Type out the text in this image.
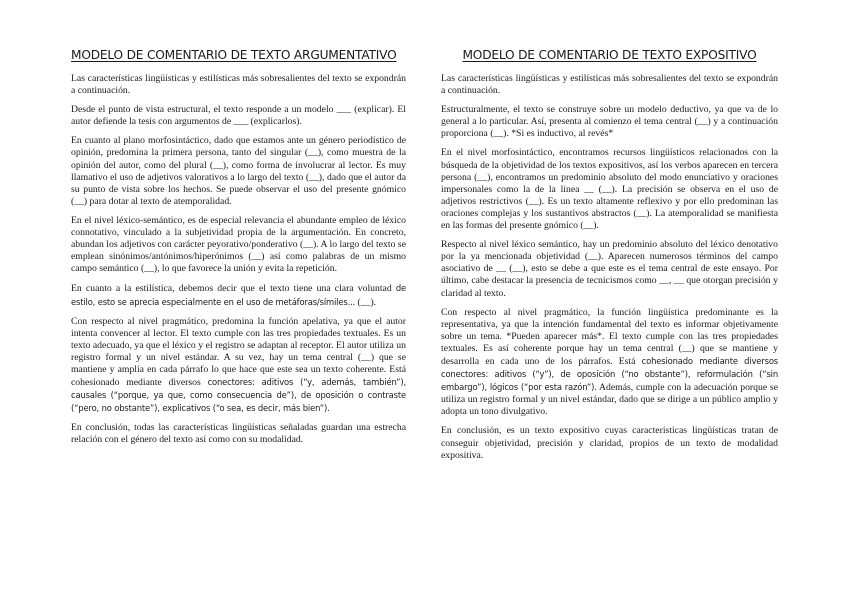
MODELO DE COMENTARIO DE TEXTO ARGUMENTATIVO

Las características lingüísticas y estilísticas más sobresalientes del texto se expondrán a continuación.

Desde el punto de vista estructural, el texto responde a un modelo ___ (explicar). El autor defiende la tesis con argumentos de ___ (explicarlos).

En cuanto al plano morfosintáctico, dado que estamos ante un género periodístico de opinión, predomina la primera persona, tanto del singular (__), como muestra de la opinión del autor, como del plural (__), como forma de involucrar al lector. Es muy llamativo el uso de adjetivos valorativos a lo largo del texto (__), dado que el autor da su punto de vista sobre los hechos. Se puede observar el uso del presente gnómico (__) para dotar al texto de atemporalidad.

En el nivel léxico-semántico, es de especial relevancia el abundante empleo de léxico connotativo, vinculado a la subjetividad propia de la argumentación. En concreto, abundan los adjetivos con carácter peyorativo/ponderativo (__). A lo largo del texto se emplean sinónimos/antónimos/hiperónimos (__) así como palabras de un mismo campo semántico (__), lo que favorece la unión y evita la repetición.

En cuanto a la estilística, debemos decir que el texto tiene una clara voluntad de estilo, esto se aprecia especialmente en el uso de metáforas/símiles... (__).

Con respecto al nivel pragmático, predomina la función apelativa, ya que el autor intenta convencer al lector. El texto cumple con las tres propiedades textuales. Es un texto adecuado, ya que el léxico y el registro se adaptan al receptor. El autor utiliza un registro formal y un nivel estándar. A su vez, hay un tema central (__) que se mantiene y amplía en cada párrafo lo que hace que este sea un texto coherente. Está cohesionado mediante diversos conectores: aditivos (“y, además, también”), causales (“porque, ya que, como consecuencia de”), de oposición o contraste (“pero, no obstante”), explicativos (“o sea, es decir, más bien”).

En conclusión, todas las características lingüísticas señaladas guardan una estrecha relación con el género del texto así como con su modalidad.

MODELO DE COMENTARIO DE TEXTO EXPOSITIVO

Las características lingüísticas y estilísticas más sobresalientes del texto se expondrán a continuación.

Estructuralmente, el texto se construye sobre un modelo deductivo, ya que va de lo general a lo particular. Así, presenta al comienzo el tema central (__) y a continuación proporciona (__). *Si es inductivo, al revés*

En el nivel morfosintáctico, encontramos recursos lingüísticos relacionados con la búsqueda de la objetividad de los textos expositivos, así los verbos aparecen en tercera persona (__), encontramos un predominio absoluto del modo enunciativo y oraciones impersonales como la de la línea __ (__). La precisión se observa en el uso de adjetivos restrictivos (__). Es un texto altamente reflexivo y por ello predominan las oraciones complejas y los sustantivos abstractos (__). La atemporalidad se manifiesta en las formas del presente gnómico (__).

Respecto al nivel léxico semántico, hay un predominio absoluto del léxico denotativo por la ya mencionada objetividad (__). Aparecen numerosos términos del campo asociativo de __ (__), esto se debe a que este es el tema central de este ensayo. Por último, cabe destacar la presencia de tecnicismos como __, __ que otorgan precisión y claridad al texto.

Con respecto al nivel pragmático, la función lingüística predominante es la representativa, ya que la intención fundamental del texto es informar objetivamente sobre un tema. *Pueden aparecer más*. El texto cumple con las tres propiedades textuales. Es así coherente porque hay un tema central (__) que se mantiene y desarrolla en cada uno de los párrafos. Está cohesionado mediante diversos conectores: aditivos (“y”), de oposición (“no obstante”), reformulación (“sin embargo”), lógicos (“por esta razón”). Además, cumple con la adecuación porque se utiliza un registro formal y un nivel estándar, dado que se dirige a un público amplio y adopta un tono divulgativo.

En conclusión, es un texto expositivo cuyas características lingüísticas tratan de conseguir objetividad, precisión y claridad, propios de un texto de modalidad expositiva.
